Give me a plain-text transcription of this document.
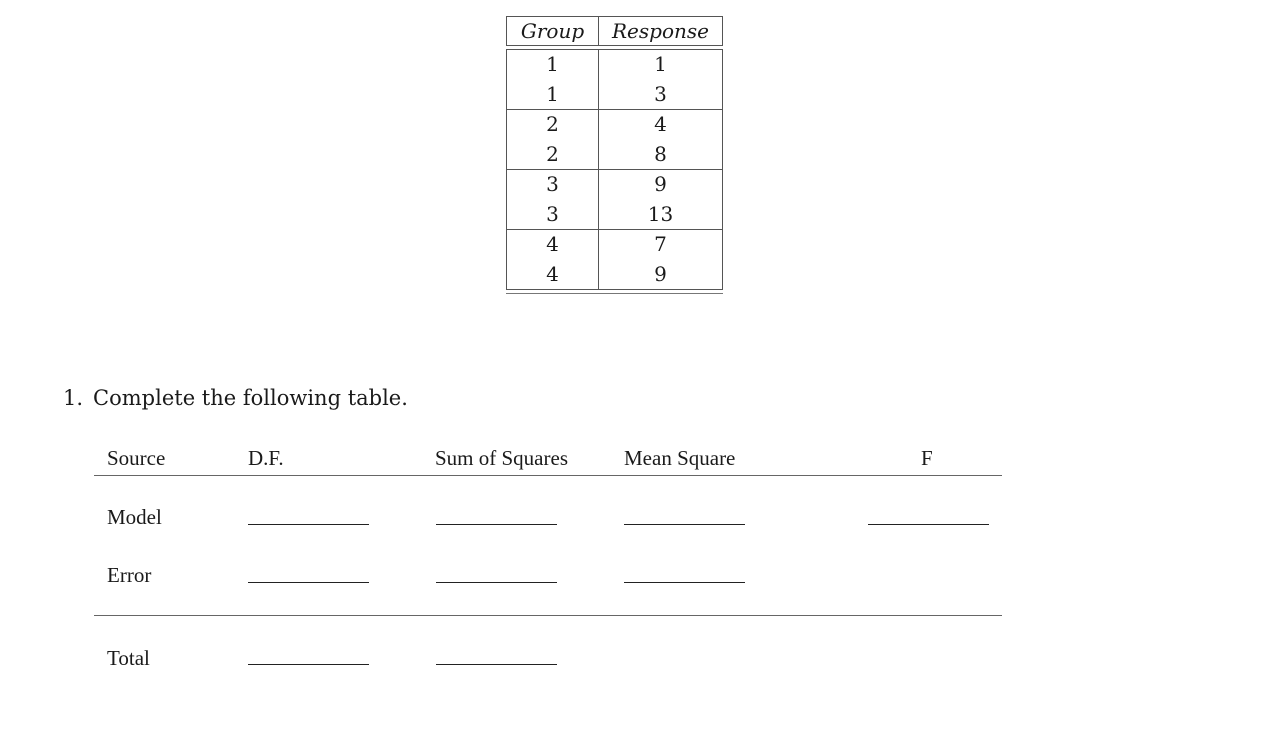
Group	Response
1	1
1	3
2	4
2	8
3	9
3	13
4	7
4	9
1. Complete the following table.
Source	D.F.	Sum of Squares	Mean Square	F
Model
Error
Total
